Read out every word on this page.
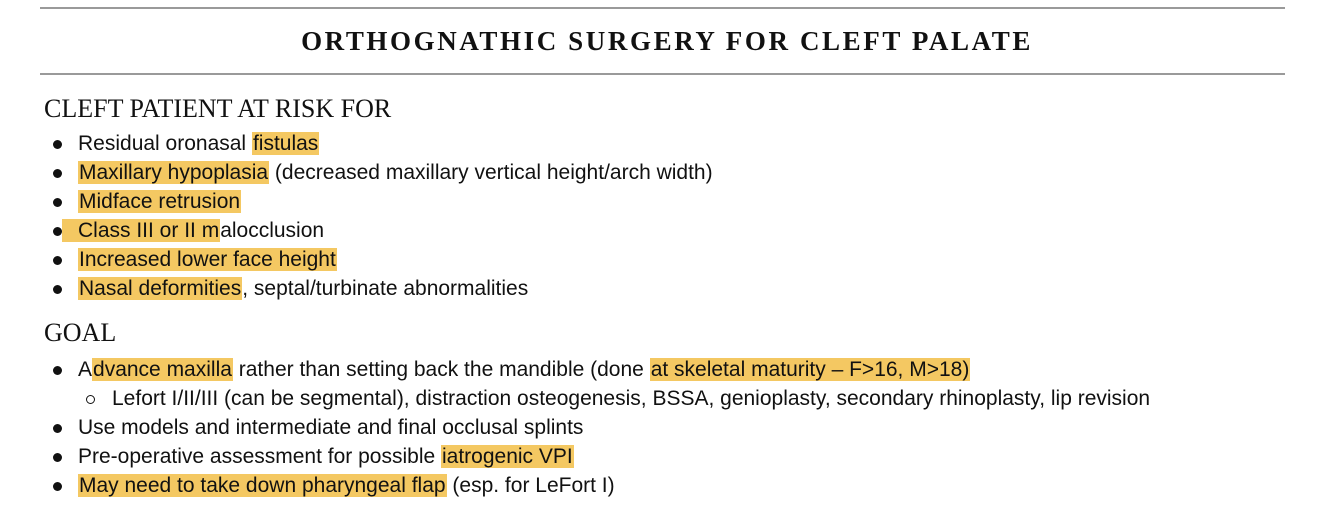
ORTHOGNATHIC SURGERY FOR CLEFT PALATE
CLEFT PATIENT AT RISK FOR
Residual oronasal fistulas
Maxillary hypoplasia (decreased maxillary vertical height/arch width)
Midface retrusion
Class III or II malocclusion
Increased lower face height
Nasal deformities, septal/turbinate abnormalities
GOAL
Advance maxilla rather than setting back the mandible (done at skeletal maturity – F>16, M>18)
Lefort I/II/III (can be segmental), distraction osteogenesis, BSSA, genioplasty, secondary rhinoplasty, lip revision
Use models and intermediate and final occlusal splints
Pre-operative assessment for possible iatrogenic VPI
May need to take down pharyngeal flap (esp. for LeFort I)
